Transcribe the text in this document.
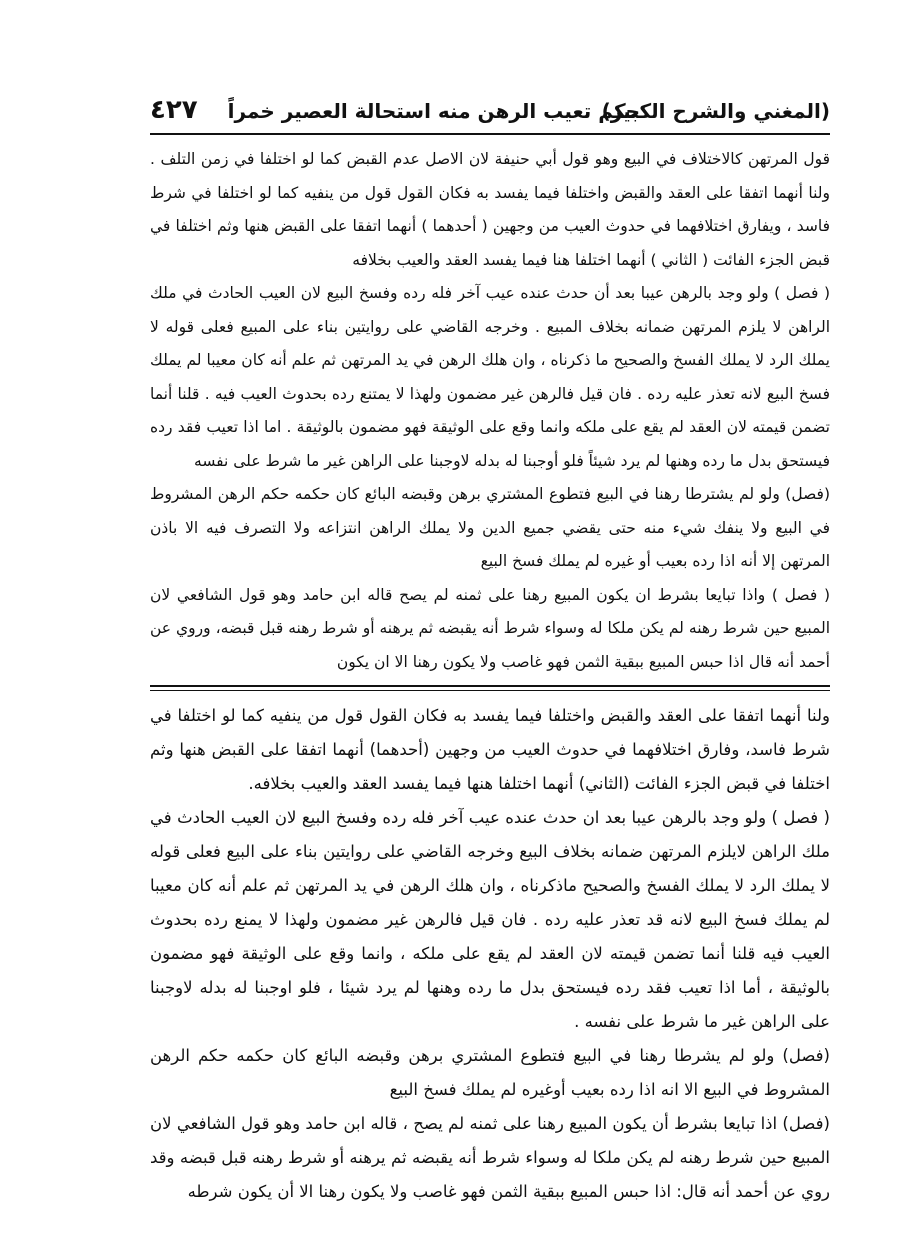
(المغني والشرح الكبير)
حكم تعيب الرهن منه استحالة العصير خمراً
٤٢٧

قول المرتهن كالاختلاف في البيع وهو قول أبي حنيفة لان الاصل عدم القبض كما لو اختلفا في زمن التلف . ولنا أنهما اتفقا على العقد والقبض واختلفا فيما يفسد به فكان القول قول من ينفيه كما لو اختلفا في شرط فاسد ، ويفارق اختلافهما في حدوث العيب من وجهين ( أحدهما ) أنهما اتفقا على القبض هنها وثم اختلفا في قبض الجزء الفائت ( الثاني ) أنهما اختلفا هنا فيما يفسد العقد والعيب بخلافه

( فصل ) ولو وجد بالرهن عيبا بعد أن حدث عنده عيب آخر فله رده وفسخ البيع لان العيب الحادث في ملك الراهن لا يلزم المرتهن ضمانه بخلاف المبيع . وخرجه القاضي على روايتين بناء على المبيع فعلى قوله لا يملك الرد لا يملك الفسخ والصحيح ما ذكرناه ، وان هلك الرهن في يد المرتهن ثم علم أنه كان معيبا لم يملك فسخ البيع لانه تعذر عليه رده . فان قيل فالرهن غير مضمون ولهذا لا يمتنع رده بحدوث العيب فيه . قلنا أنما تضمن قيمته لان العقد لم يقع على ملكه وانما وقع على الوثيقة فهو مضمون بالوثيقة . اما اذا تعيب فقد رده فيستحق بدل ما رده وهنها لم يرد شيئاً فلو أوجبنا له بدله لاوجبنا على الراهن غير ما شرط على نفسه

(فصل) ولو لم يشترطا رهنا في البيع فتطوع المشتري برهن وقبضه البائع كان حكمه حكم الرهن المشروط في البيع ولا ينفك شيء منه حتى يقضي جميع الدين ولا يملك الراهن انتزاعه ولا التصرف فيه الا باذن المرتهن إلا أنه اذا رده بعيب أو غيره لم يملك فسخ البيع

( فصل ) واذا تبايعا بشرط ان يكون المبيع رهنا على ثمنه لم يصح قاله ابن حامد وهو قول الشافعي لان المبيع حين شرط رهنه لم يكن ملكا له وسواء شرط أنه يقبضه ثم يرهنه أو شرط رهنه قبل قبضه، وروي عن أحمد أنه قال اذا حبس المبيع ببقية الثمن فهو غاصب ولا يكون رهنا الا ان يكون

ولنا أنهما اتفقا على العقد والقبض واختلفا فيما يفسد به فكان القول قول من ينفيه كما لو اختلفا في شرط فاسد، وفارق اختلافهما في حدوث العيب من وجهين (أحدهما) أنهما اتفقا على القبض هنها وثم اختلفا في قبض الجزء الفائت (الثاني) أنهما اختلفا هنها فيما يفسد العقد والعيب بخلافه.

( فصل ) ولو وجد بالرهن عيبا بعد ان حدث عنده عيب آخر فله رده وفسخ البيع لان العيب الحادث في ملك الراهن لايلزم المرتهن ضمانه بخلاف البيع وخرجه القاضي على روايتين بناء على البيع فعلى قوله لا يملك الرد لا يملك الفسخ والصحيح ماذكرناه ، وان هلك الرهن في يد المرتهن ثم علم أنه كان معيبا لم يملك فسخ البيع لانه قد تعذر عليه رده . فان قيل فالرهن غير مضمون ولهذا لا يمنع رده بحدوث العيب فيه قلنا أنما تضمن قيمته لان العقد لم يقع على ملكه ، وانما وقع على الوثيقة فهو مضمون بالوثيقة ، أما اذا تعيب فقد رده فيستحق بدل ما رده وهنها لم يرد شيئا ، فلو اوجبنا له بدله لاوجبنا على الراهن غير ما شرط على نفسه .

(فصل) ولو لم يشرطا رهنا في البيع فتطوع المشتري برهن وقبضه البائع كان حكمه حكم الرهن المشروط في البيع الا انه اذا رده بعيب أوغيره لم يملك فسخ البيع

(فصل) اذا تبايعا بشرط أن يكون المبيع رهنا على ثمنه لم يصح ، قاله ابن حامد وهو قول الشافعي لان المبيع حين شرط رهنه لم يكن ملكا له وسواء شرط أنه يقبضه ثم يرهنه أو شرط رهنه قبل قبضه وقد روي عن أحمد أنه قال: اذا حبس المبيع ببقية الثمن فهو غاصب ولا يكون رهنا الا أن يكون شرطه
